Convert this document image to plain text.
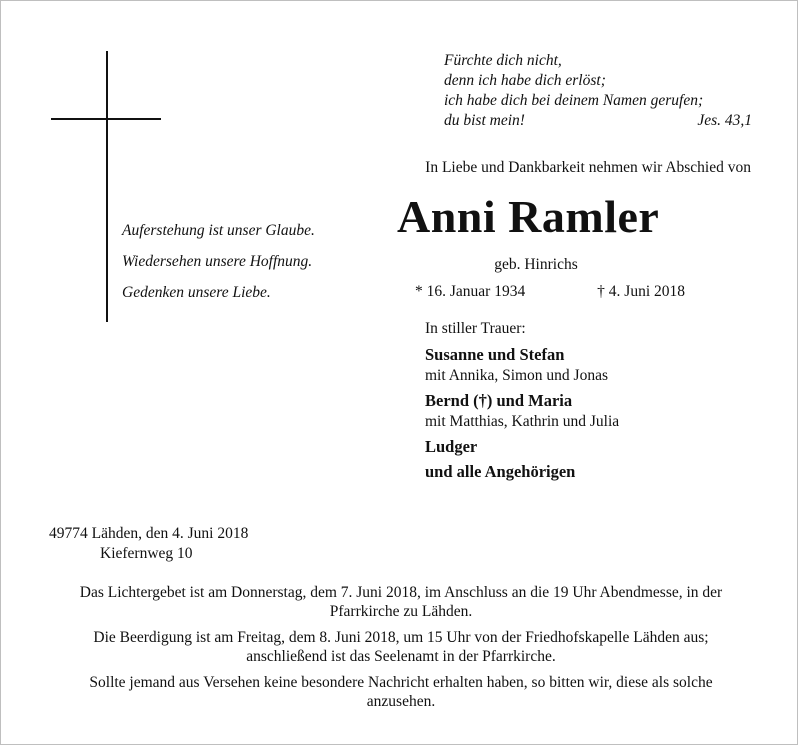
Fürchte dich nicht,
denn ich habe dich erlöst;
ich habe dich bei deinem Namen gerufen;
du bist mein!	Jes. 43,1
In Liebe und Dankbarkeit nehmen wir Abschied von
Auferstehung ist unser Glaube.
Wiedersehen unsere Hoffnung.
Gedenken unsere Liebe.
Anni Ramler
geb. Hinrichs
* 16. Januar 1934	† 4. Juni 2018
In stiller Trauer:
Susanne und Stefan
mit Annika, Simon und Jonas
Bernd (†) und Maria
mit Matthias, Kathrin und Julia
Ludger
und alle Angehörigen
49774 Lähden, den 4. Juni 2018
Kiefernweg 10

Das Lichtergebet ist am Donnerstag, dem 7. Juni 2018, im Anschluss an die 19 Uhr Abendmesse, in der Pfarrkirche zu Lähden.

Die Beerdigung ist am Freitag, dem 8. Juni 2018, um 15 Uhr von der Friedhofskapelle Lähden aus; anschließend ist das Seelenamt in der Pfarrkirche.

Sollte jemand aus Versehen keine besondere Nachricht erhalten haben, so bitten wir, diese als solche anzusehen.
